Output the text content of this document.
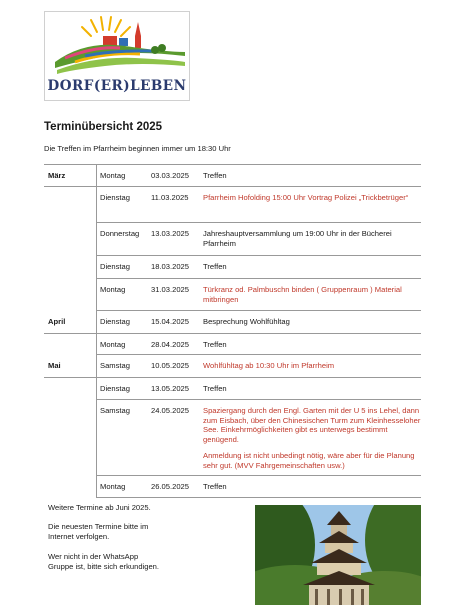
DORF(ER)LEBEN
Terminübersicht 2025
Die Treffen im Pfarrheim beginnen immer um 18:30 Uhr
März	Montag	03.03.2025 Treffen
Dienstag	11.03.2025 Pfarrheim Hofolding 15:00 Uhr Vortrag Polizei „Trickbetrüger“
Donnerstag 13.03.2025 Jahreshauptversammlung um 19:00 Uhr in der Bücherei Pfarrheim
Dienstag	18.03.2025 Treffen
Montag	31.03.2025 Türkranz od. Palmbuschn binden ( Gruppenraum ) Material mitbringen
April	Dienstag	15.04.2025 Besprechung Wohlfühltag
Montag	28.04.2025 Treffen
Mai	Samstag	10.05.2025 Wohlfühltag ab 10:30 Uhr im Pfarrheim
Dienstag	13.05.2025 Treffen
Samstag	24.05.2025 Spaziergang durch den Engl. Garten mit der U 5 ins Lehel, dann zum Eisbach, über den Chinesischen Turm zum Kleinhesseloher See. Einkehrmöglichkeiten gibt es unterwegs bestimmt genügend.
Anmeldung ist nicht unbedingt nötig, wäre aber für die Planung sehr gut. (MVV Fahrgemeinschaften usw.)
Montag	26.05.2025 Treffen
Weitere Termine ab Juni 2025.
Die neuesten Termine bitte im
Internet verfolgen.
Wer nicht in der WhatsApp
Gruppe ist, bitte sich erkundigen.
